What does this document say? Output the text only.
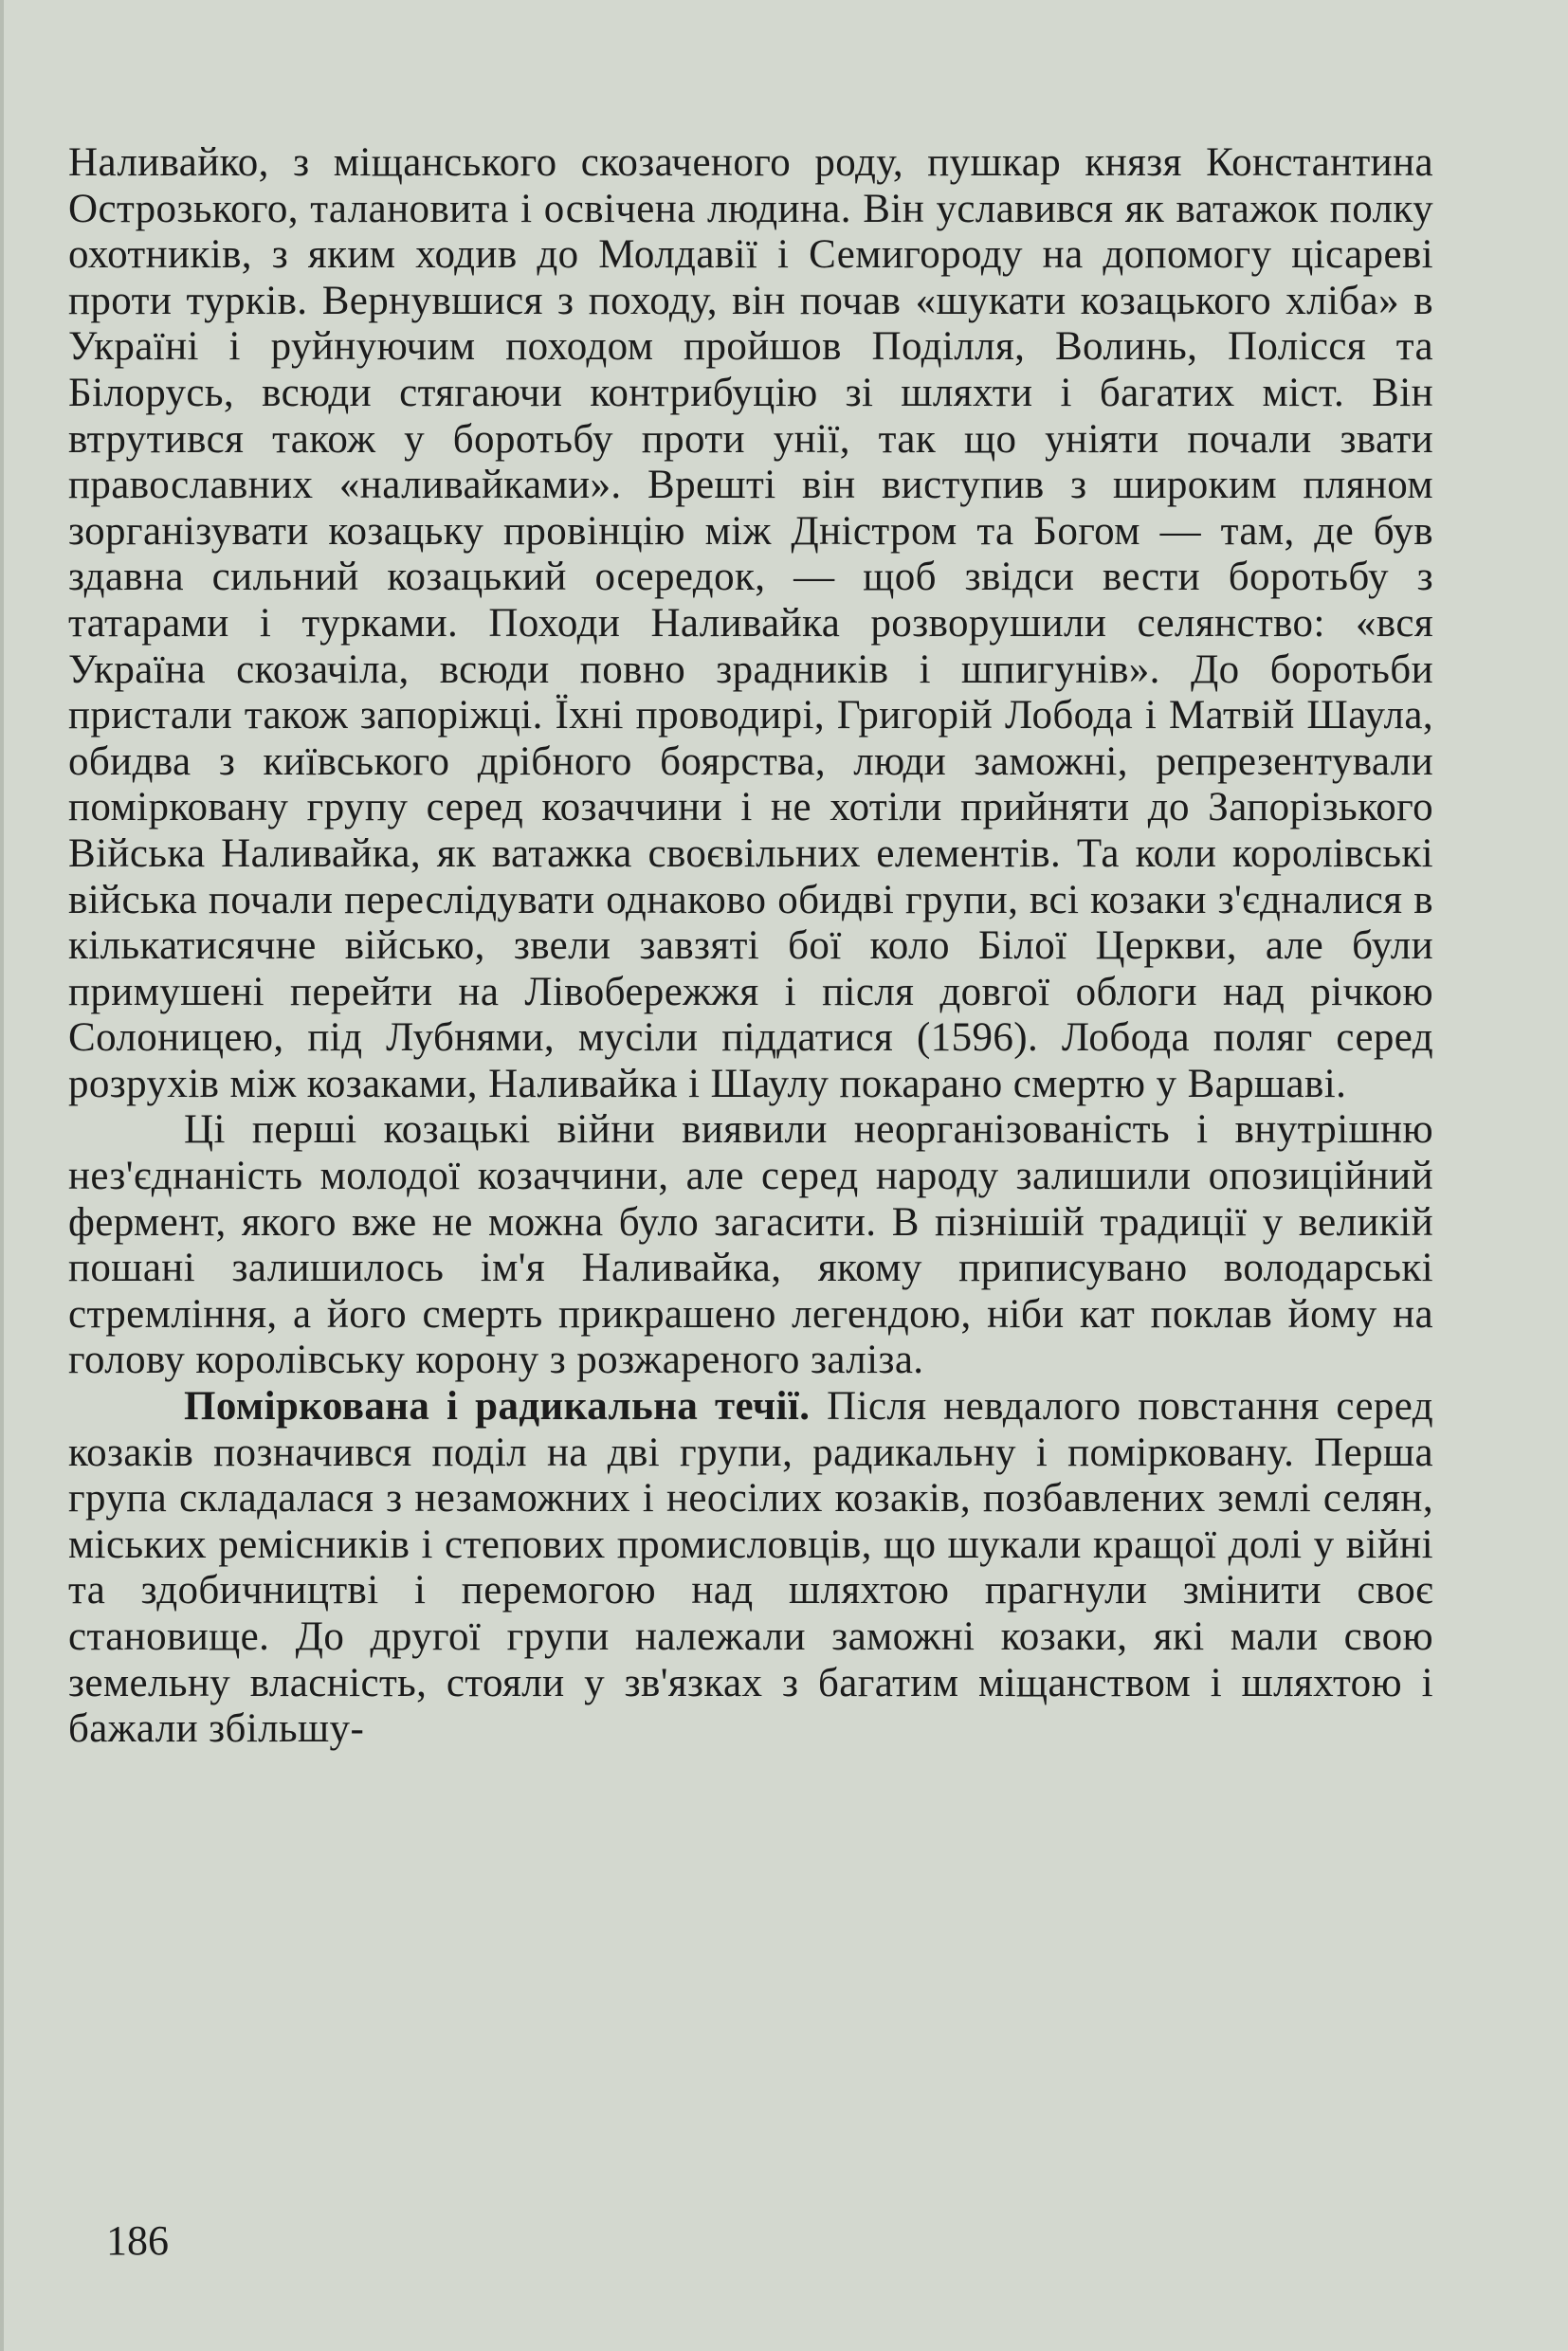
Наливайко, з міщанського скозаченого роду, пушкар князя Константина Острозького, талановита і освічена людина. Він уславився як ватажок полку охотників, з яким ходив до Молдавії і Семигороду на допомогу цісареві проти турків. Вернувшися з походу, він почав «шукати козацького хліба» в Україні і руйнуючим походом пройшов Поділля, Волинь, Полісся та Білорусь, всюди стягаючи контрибуцію зі шляхти і багатих міст. Він втрутився також у боротьбу проти унії, так що уніяти почали звати православних «наливайками». Врешті він виступив з широким пляном зорганізувати козацьку провінцію між Дністром та Богом — там, де був здавна сильний козацький осередок, — щоб звідси вести боротьбу з татарами і турками. Походи Наливайка розворушили селянство: «вся Україна скозачіла, всюди повно зрадників і шпигунів». До боротьби пристали також запоріжці. Їхні проводирі, Григорій Лобода і Матвій Шаула, обидва з київського дрібного боярства, люди заможні, репрезентували поміркованy групу серед козаччини і не хотіли прийняти до Запорізького Війська Наливайка, як ватажка своєвільних елементів. Та коли королівські війська почали переслідувати однаково обидві групи, всі козаки з'єдналися в кількатисячне військо, звели завзяті бої коло Білої Церкви, але були примушені перейти на Лівобережжя і після довгої облоги над річкою Солоницею, під Лубнями, мусіли піддатися (1596). Лобода поляг серед розрухів між козаками, Наливайка і Шаулу покарано смертю у Варшаві.

Ці перші козацькі війни виявили неорганізованість і внутрішню нез'єднаність молодої козаччини, але серед народу залишили опозиційний фермент, якого вже не можна було загасити. В пізнішій традиції у великій пошані залишилось ім'я Наливайка, якому приписувано володарські стремління, а його смерть прикрашено легендою, ніби кат поклав йому на голову королівську корону з розжареного заліза.

Поміркована і радикальна течії. Після невдалого повстання серед козаків позначився поділ на дві групи, радикальну і помірковану. Перша група складалася з незаможних і неосілих козаків, позбавлених землі селян, міських ремісників і степових промисловців, що шукали кращої долі у війні та здобичництві і перемогою над шляхтою прагнули змінити своє становище. До другої групи належали заможні козаки, які мали свою земельну власність, стояли у зв'язках з багатим міщанством і шляхтою і бажали збільшу-

186
